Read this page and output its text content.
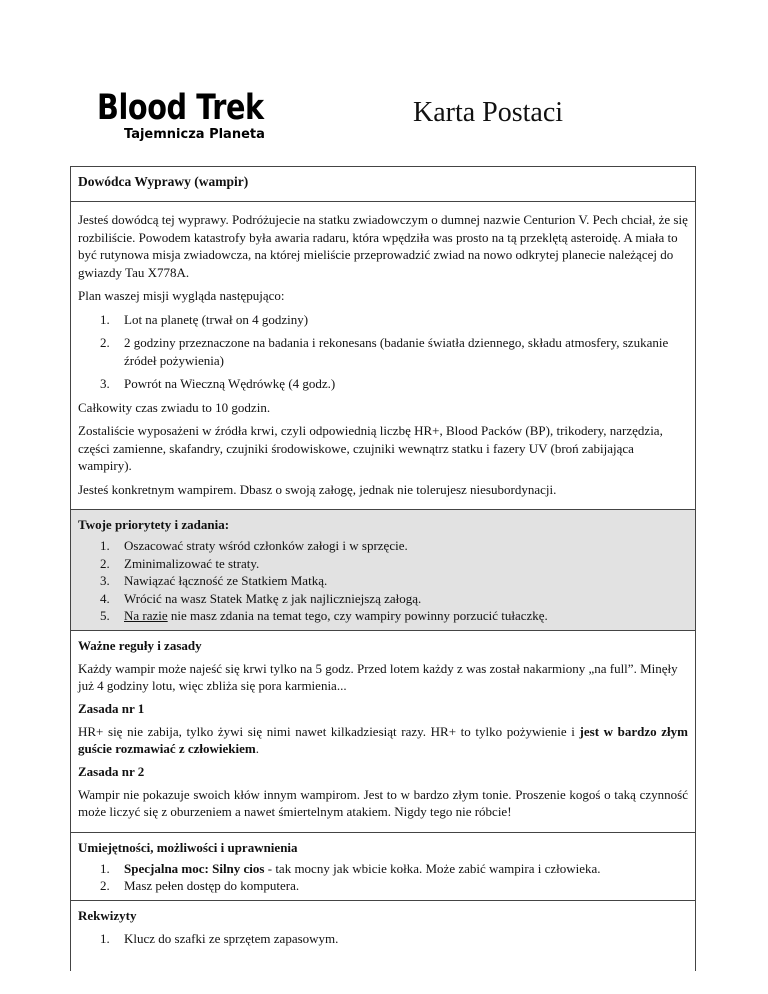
Blood Trek
Tajemnicza Planeta
Karta Postaci
Dowódca Wyprawy (wampir)

Jesteś dowódcą tej wyprawy. Podróżujecie na statku zwiadowczym o dumnej nazwie Centurion V. Pech chciał, że się rozbiliście. Powodem katastrofy była awaria radaru, która wpędziła was prosto na tą przeklętą asteroidę. A miała to być rutynowa misja zwiadowcza, na której mieliście przeprowadzić zwiad na nowo odkrytej planecie należącej do gwiazdy Tau X778A.

Plan waszej misji wygląda następująco:

1. Lot na planetę (trwał on 4 godziny)
2. 2 godziny przeznaczone na badania i rekonesans (badanie światła dziennego, składu atmosfery, szukanie źródeł pożywienia)
3. Powrót na Wieczną Wędrówkę (4 godz.)

Całkowity czas zwiadu to 10 godzin.

Zostaliście wyposażeni w źródła krwi, czyli odpowiednią liczbę HR+, Blood Packów (BP), trikodery, narzędzia, części zamienne, skafandry, czujniki środowiskowe, czujniki wewnątrz statku i fazery UV (broń zabijająca wampiry).

Jesteś konkretnym wampirem. Dbasz o swoją załogę, jednak nie tolerujesz niesubordynacji.

Twoje priorytety i zadania:
1. Oszacować straty wśród członków załogi i w sprzęcie.
2. Zminimalizować te straty.
3. Nawiązać łączność ze Statkiem Matką.
4. Wrócić na wasz Statek Matkę z jak najliczniejszą załogą.
5. Na razie nie masz zdania na temat tego, czy wampiry powinny porzucić tułaczkę.
Ważne reguły i zasady

Każdy wampir może najeść się krwi tylko na 5 godz. Przed lotem każdy z was został nakarmiony „na full”. Minęły już 4 godziny lotu, więc zbliża się pora karmienia...

Zasada nr 1

HR+ się nie zabija, tylko żywi się nimi nawet kilkadziesiąt razy. HR+ to tylko pożywienie i jest w bardzo złym guście rozmawiać z człowiekiem.

Zasada nr 2

Wampir nie pokazuje swoich kłów innym wampirom. Jest to w bardzo złym tonie. Proszenie kogoś o taką czynność może liczyć się z oburzeniem a nawet śmiertelnym atakiem. Nigdy tego nie róbcie!

Umiejętności, możliwości i uprawnienia
1. Specjalna moc: Silny cios - tak mocny jak wbicie kołka. Może zabić wampira i człowieka.
2. Masz pełen dostęp do komputera.
Rekwizyty
1. Klucz do szafki ze sprzętem zapasowym.
